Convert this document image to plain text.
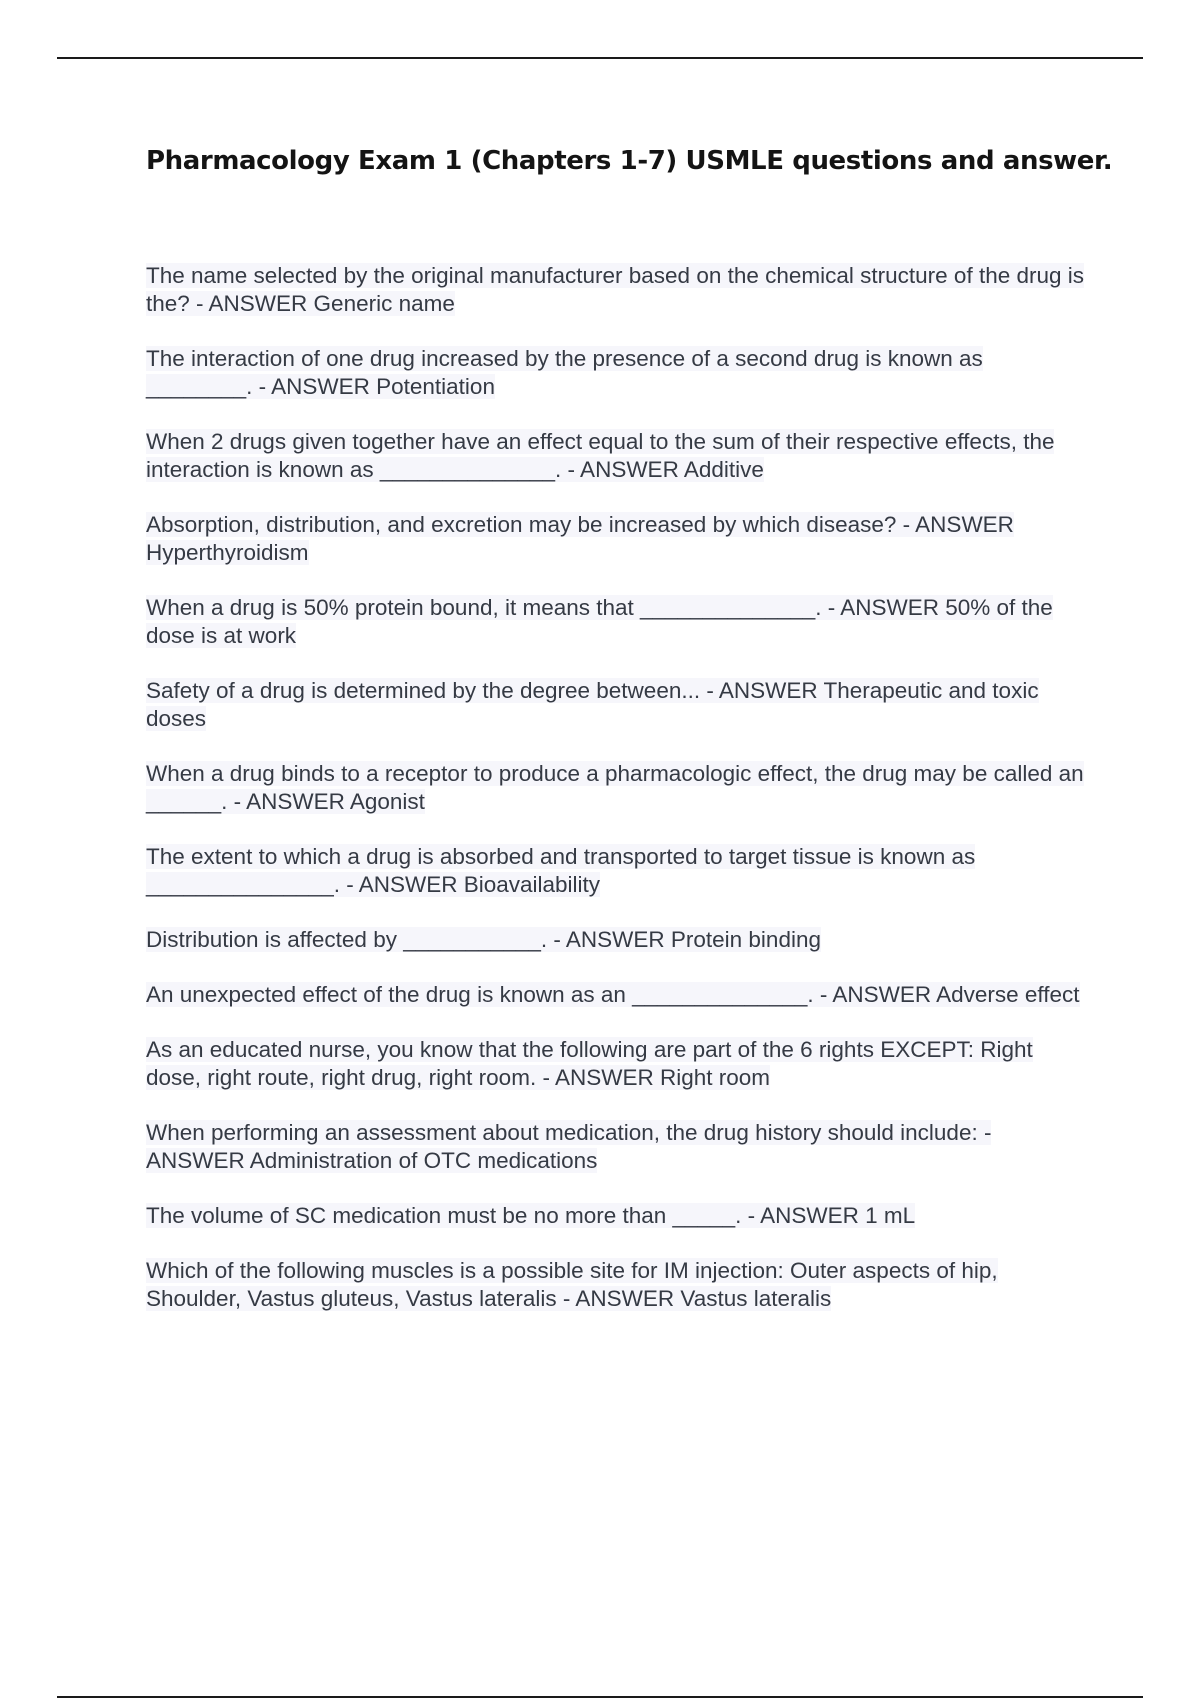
Pharmacology Exam 1 (Chapters 1-7) USMLE questions and answer.
The name selected by the original manufacturer based on the chemical structure of the drug is the? - ANSWER Generic name
The interaction of one drug increased by the presence of a second drug is known as ________. - ANSWER Potentiation
When 2 drugs given together have an effect equal to the sum of their respective effects, the interaction is known as ______________. - ANSWER Additive
Absorption, distribution, and excretion may be increased by which disease? - ANSWER Hyperthyroidism
When a drug is 50% protein bound, it means that ______________. - ANSWER 50% of the dose is at work
Safety of a drug is determined by the degree between... - ANSWER Therapeutic and toxic doses
When a drug binds to a receptor to produce a pharmacologic effect, the drug may be called an ______. - ANSWER Agonist
The extent to which a drug is absorbed and transported to target tissue is known as _______________. - ANSWER Bioavailability
Distribution is affected by ___________. - ANSWER Protein binding
An unexpected effect of the drug is known as an ______________. - ANSWER Adverse effect
As an educated nurse, you know that the following are part of the 6 rights EXCEPT: Right dose, right route, right drug, right room. - ANSWER Right room
When performing an assessment about medication, the drug history should include: - ANSWER Administration of OTC medications
The volume of SC medication must be no more than _____. - ANSWER 1 mL
Which of the following muscles is a possible site for IM injection: Outer aspects of hip, Shoulder, Vastus gluteus, Vastus lateralis - ANSWER Vastus lateralis
